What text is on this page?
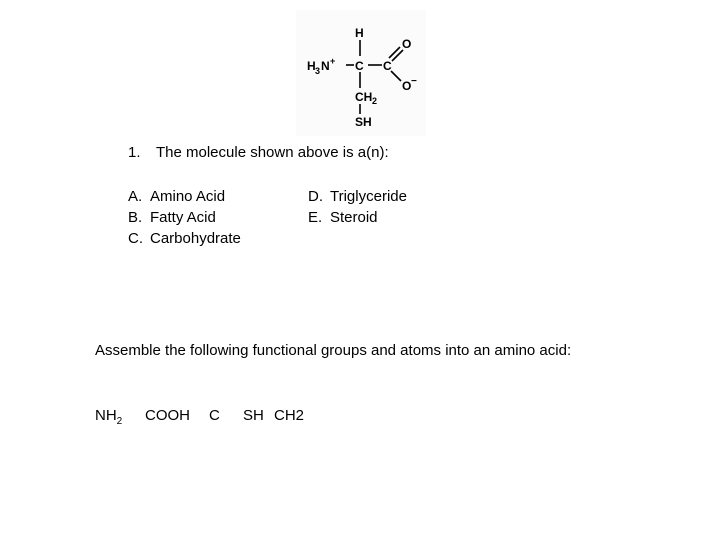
H
H 3 N + C C
O
O −
CH 2
SH
1. The molecule shown above is a(n):
A. Amino Acid
B. Fatty Acid
C. Carbohydrate
D. Triglyceride
E. Steroid
Assemble the following functional groups and atoms into an amino acid:
$NH_2$ COOH C SH CH2
